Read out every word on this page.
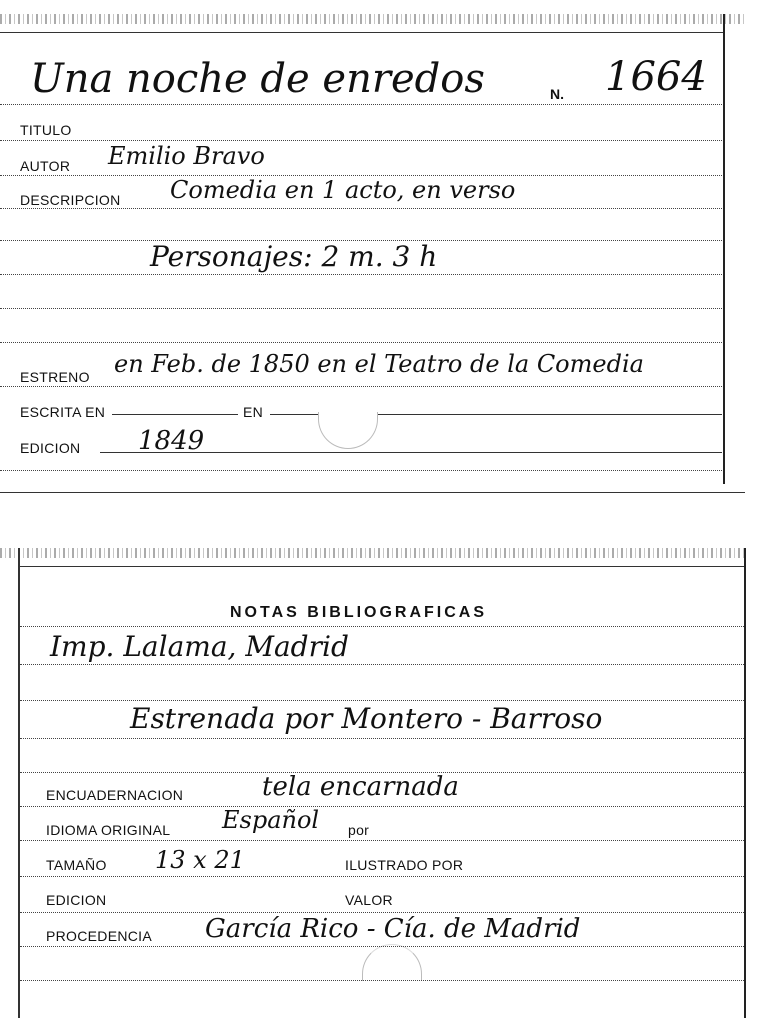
Una noche de enredos	N. 1664
TITULO
AUTOR Emilio Bravo
DESCRIPCION Comedia en 1 acto, en verso
Personajes: 2 m. 3 h
ESTRENO en Feb. de 1850 en el Teatro de la Comedia
ESCRITA EN	EN
EDICION 1849
NOTAS BIBLIOGRAFICAS
Imp. Lalama, Madrid
Estrenada por Montero - Barroso
ENCUADERNACION	tela encarnada
IDIOMA ORIGINAL Español por
TAMAÑO 13 x 21	ILUSTRADO POR
EDICION	VALOR
PROCEDENCIA García Rico - Cía. de Madrid
